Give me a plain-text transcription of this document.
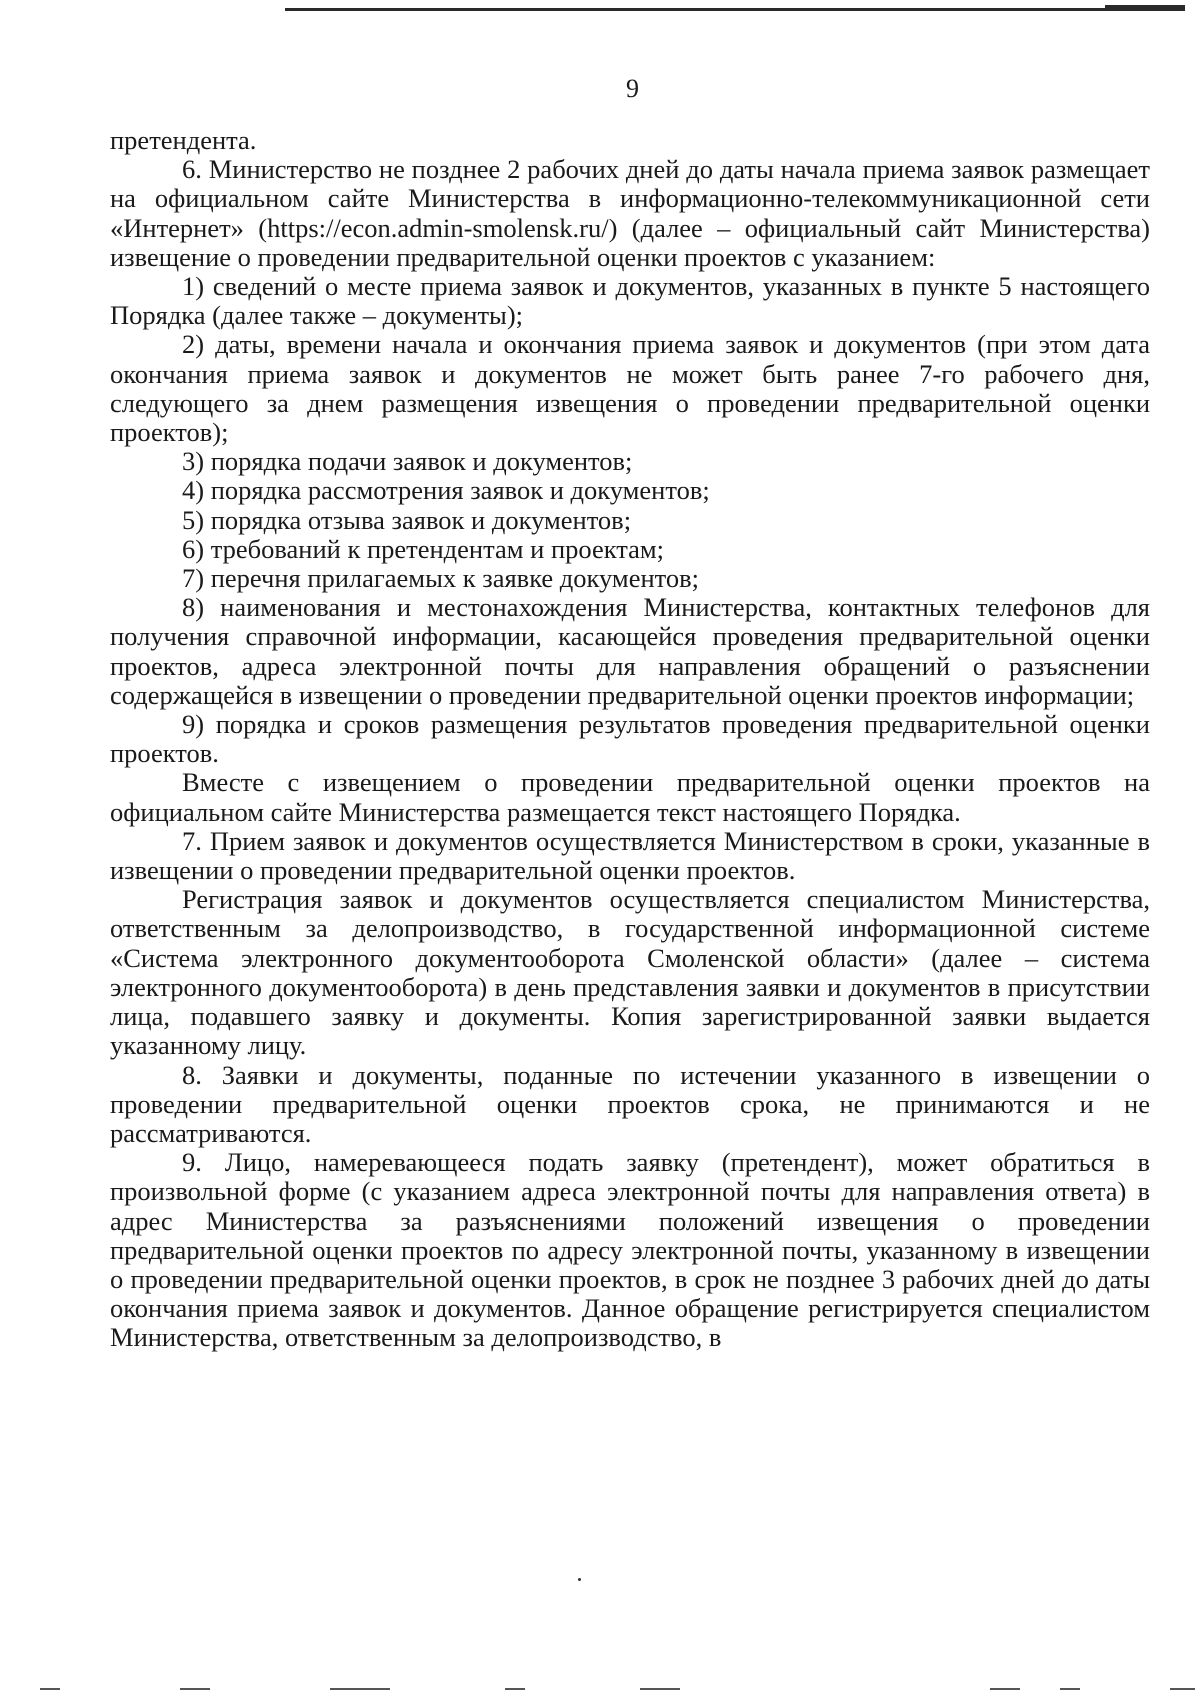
9

претендента.

6. Министерство не позднее 2 рабочих дней до даты начала приема заявок размещает на официальном сайте Министерства в информационно-телекоммуникационной сети «Интернет» (https://econ.admin-smolensk.ru/) (далее – официальный сайт Министерства) извещение о проведении предварительной оценки проектов с указанием:

1) сведений о месте приема заявок и документов, указанных в пункте 5 настоящего Порядка (далее также – документы);

2) даты, времени начала и окончания приема заявок и документов (при этом дата окончания приема заявок и документов не может быть ранее 7-го рабочего дня, следующего за днем размещения извещения о проведении предварительной оценки проектов);

3) порядка подачи заявок и документов;

4) порядка рассмотрения заявок и документов;

5) порядка отзыва заявок и документов;

6) требований к претендентам и проектам;

7) перечня прилагаемых к заявке документов;

8) наименования и местонахождения Министерства, контактных телефонов для получения справочной информации, касающейся проведения предварительной оценки проектов, адреса электронной почты для направления обращений о разъяснении содержащейся в извещении о проведении предварительной оценки проектов информации;

9) порядка и сроков размещения результатов проведения предварительной оценки проектов.

Вместе с извещением о проведении предварительной оценки проектов на официальном сайте Министерства размещается текст настоящего Порядка.

7. Прием заявок и документов осуществляется Министерством в сроки, указанные в извещении о проведении предварительной оценки проектов.

Регистрация заявок и документов осуществляется специалистом Министерства, ответственным за делопроизводство, в государственной информационной системе «Система электронного документооборота Смоленской области» (далее – система электронного документооборота) в день представления заявки и документов в присутствии лица, подавшего заявку и документы. Копия зарегистрированной заявки выдается указанному лицу.

8. Заявки и документы, поданные по истечении указанного в извещении о проведении предварительной оценки проектов срока, не принимаются и не рассматриваются.

9. Лицо, намеревающееся подать заявку (претендент), может обратиться в произвольной форме (с указанием адреса электронной почты для направления ответа) в адрес Министерства за разъяснениями положений извещения о проведении предварительной оценки проектов по адресу электронной почты, указанному в извещении о проведении предварительной оценки проектов, в срок не позднее 3 рабочих дней до даты окончания приема заявок и документов. Данное обращение регистрируется специалистом Министерства, ответственным за делопроизводство, в
